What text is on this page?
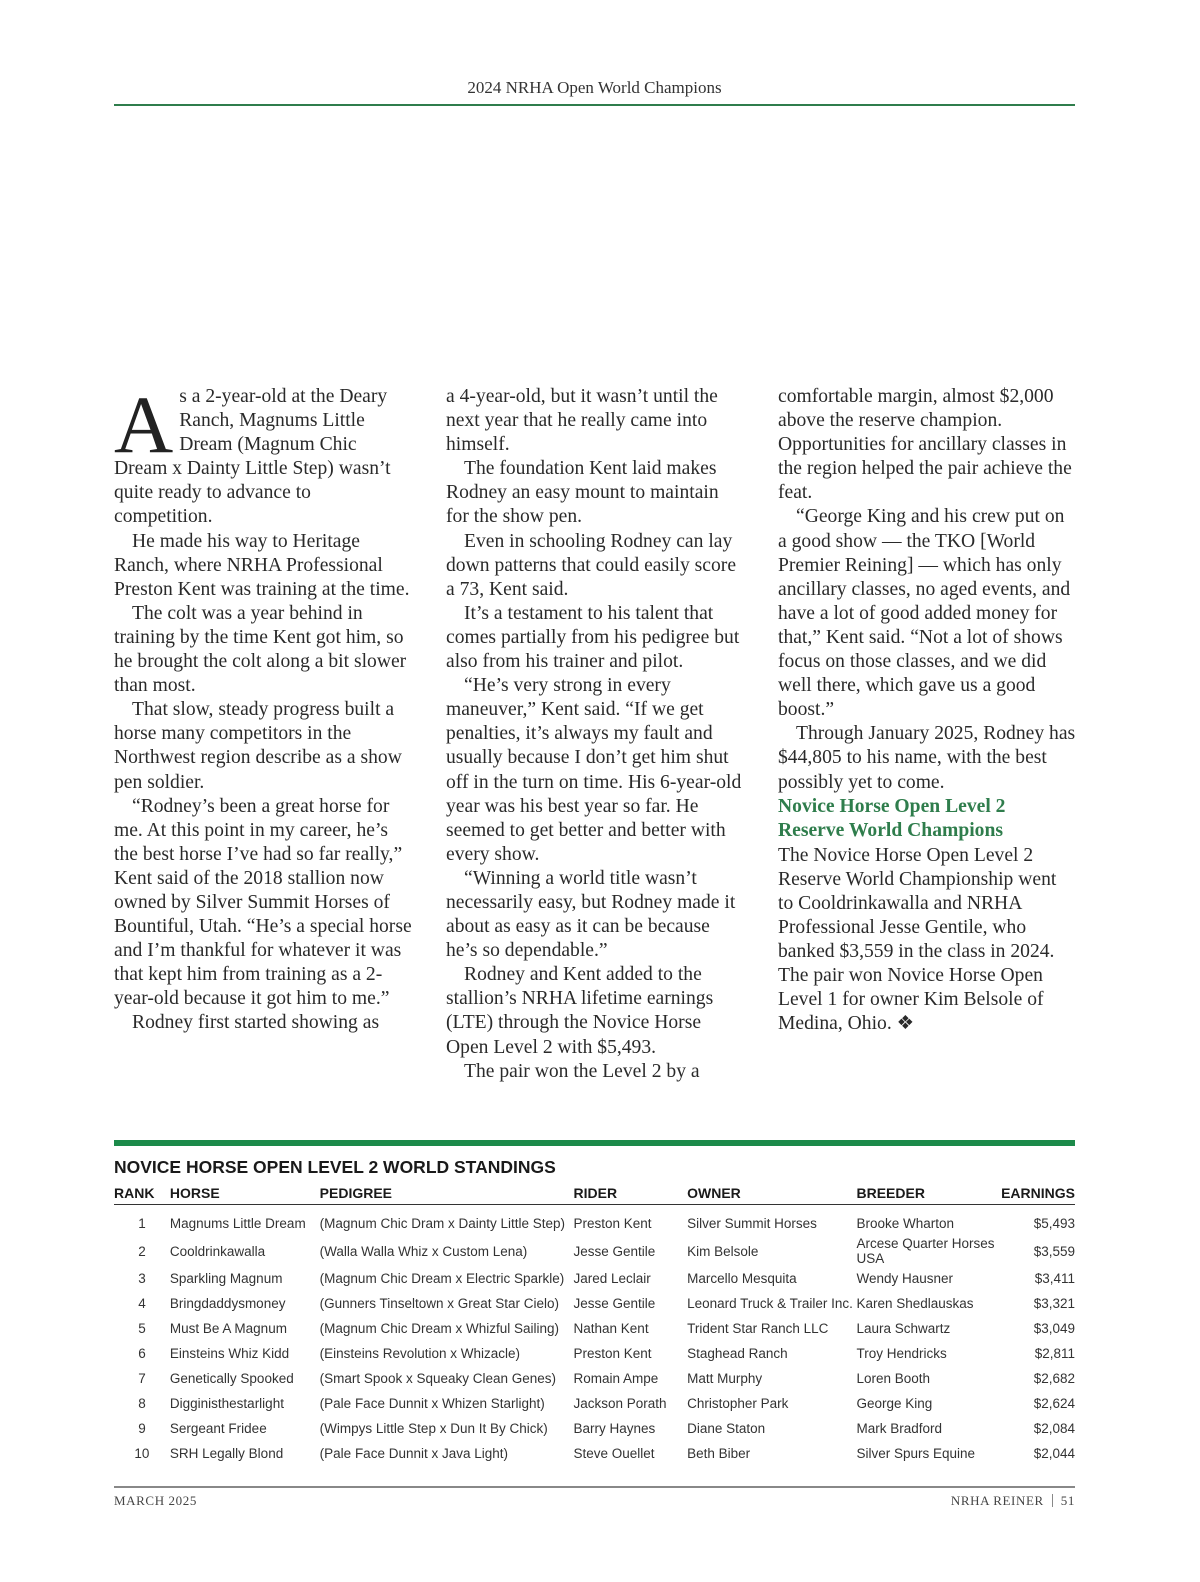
2024 NRHA Open World Champions

As a 2-year-old at the Deary Ranch, Magnums Little Dream (Magnum Chic Dream x Dainty Little Step) wasn’t quite ready to advance to competition.

He made his way to Heritage Ranch, where NRHA Professional Preston Kent was training at the time.

The colt was a year behind in training by the time Kent got him, so he brought the colt along a bit slower than most.

That slow, steady progress built a horse many competitors in the Northwest region describe as a show pen soldier.

“Rodney’s been a great horse for me. At this point in my career, he’s the best horse I’ve had so far really,” Kent said of the 2018 stallion now owned by Silver Summit Horses of Bountiful, Utah. “He’s a special horse and I’m thankful for whatever it was that kept him from training as a 2-year-old because it got him to me.”

Rodney first started showing as

a 4-year-old, but it wasn’t until the next year that he really came into himself.

The foundation Kent laid makes Rodney an easy mount to maintain for the show pen.

Even in schooling Rodney can lay down patterns that could easily score a 73, Kent said.

It’s a testament to his talent that comes partially from his pedigree but also from his trainer and pilot.

“He’s very strong in every maneuver,” Kent said. “If we get penalties, it’s always my fault and usually because I don’t get him shut off in the turn on time. His 6-year-old year was his best year so far. He seemed to get better and better with every show.

“Winning a world title wasn’t necessarily easy, but Rodney made it about as easy as it can be because he’s so dependable.”

Rodney and Kent added to the stallion’s NRHA lifetime earnings (LTE) through the Novice Horse Open Level 2 with $5,493.

The pair won the Level 2 by a

comfortable margin, almost $2,000 above the reserve champion. Opportunities for ancillary classes in the region helped the pair achieve the feat.

“George King and his crew put on a good show — the TKO [World Premier Reining] — which has only ancillary classes, no aged events, and have a lot of good added money for that,” Kent said. “Not a lot of shows focus on those classes, and we did well there, which gave us a good boost.”

Through January 2025, Rodney has $44,805 to his name, with the best possibly yet to come.

Novice Horse Open Level 2 Reserve World Champions

The Novice Horse Open Level 2 Reserve World Championship went to Cooldrinkawalla and NRHA Professional Jesse Gentile, who banked $3,559 in the class in 2024. The pair won Novice Horse Open Level 1 for owner Kim Belsole of Medina, Ohio. ❖

NOVICE HORSE OPEN LEVEL 2 WORLD STANDINGS
RANK	HORSE	PEDIGREE	RIDER	OWNER	BREEDER	EARNINGS
1	Magnums Little Dream	(Magnum Chic Dram x Dainty Little Step)	Preston Kent	Silver Summit Horses	Brooke Wharton	$5,493
2	Cooldrinkawalla	(Walla Walla Whiz x Custom Lena)	Jesse Gentile	Kim Belsole	Arcese Quarter Horses USA	$3,559
3	Sparkling Magnum	(Magnum Chic Dream x Electric Sparkle)	Jared Leclair	Marcello Mesquita	Wendy Hausner	$3,411
4	Bringdaddysmoney	(Gunners Tinseltown x Great Star Cielo)	Jesse Gentile	Leonard Truck & Trailer Inc.	Karen Shedlauskas	$3,321
5	Must Be A Magnum	(Magnum Chic Dream x Whizful Sailing)	Nathan Kent	Trident Star Ranch LLC	Laura Schwartz	$3,049
6	Einsteins Whiz Kidd	(Einsteins Revolution x Whizacle)	Preston Kent	Staghead Ranch	Troy Hendricks	$2,811
7	Genetically Spooked	(Smart Spook x Squeaky Clean Genes)	Romain Ampe	Matt Murphy	Loren Booth	$2,682
8	Digginisthestarlight	(Pale Face Dunnit x Whizen Starlight)	Jackson Porath	Christopher Park	George King	$2,624
9	Sergeant Fridee	(Wimpys Little Step x Dun It By Chick)	Barry Haynes	Diane Staton	Mark Bradford	$2,084
10	SRH Legally Blond	(Pale Face Dunnit x Java Light)	Steve Ouellet	Beth Biber	Silver Spurs Equine	$2,044
MARCH 2025	NRHA REINER 51
